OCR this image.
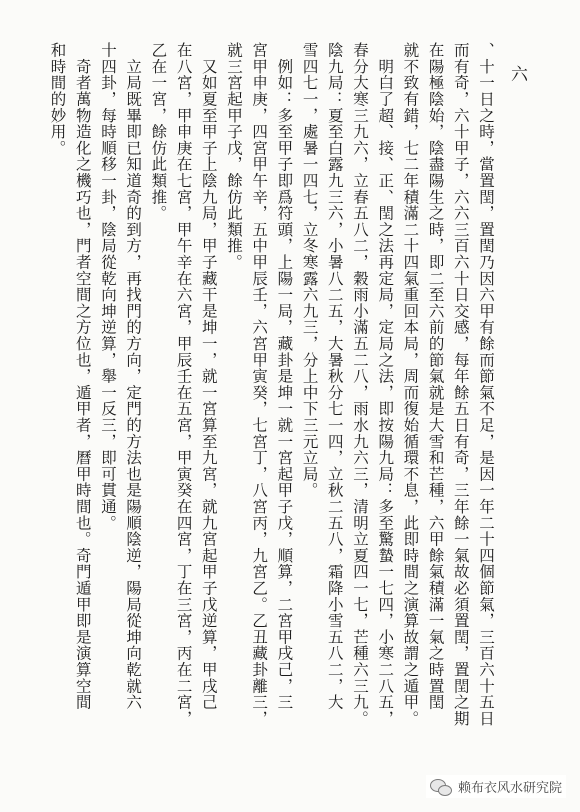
六
、十一日之時，當置閏，置閏乃因六甲有餘而節氣不足，是因一年二十四個節氣，三百六十五日
而有奇，六十甲子，六六三百六十日交感，每年餘五日有奇，三年餘一氣故必須置閏，置閏之期
在陽極陰始，陰盡陽生之時，即二至六前的節氣就是大雪和芒種，六甲餘氣積滿一氣之時置閏
就不致有錯，七二年積滿二十四氣重回本局，周而復始循環不息，此即時間之演算故謂之遁甲。
　明白了超、接、正、閏之法再定局，定局之法，即按陽九局：多至驚蟄一七四，小寒二八五，
春分大寒三九六，立春五八二，穀雨小滿五二八，雨水九六三，清明立夏四一七，芒種六三九。
陰九局：夏至白露九三六，小暑八二五，大暑秋分七一四，立秋二五八，霜降小雪五八二，大
雪四七一，處暑一四七，立冬寒露六九三，分上中下三元立局。
　例如：多至甲子即爲符頭，上陽一局，藏卦是坤一就一宮起甲子戊，順算，二宮甲戌己，三
宮甲申庚，四宮甲午辛，五中甲辰壬，六宮甲寅癸，七宮丁，八宮丙，九宮乙。乙丑藏卦離三，
就三宮起甲子戊，餘仿此類推。
　又如夏至甲子上陰九局，甲子藏干是坤一，就一宮算至九宮，就九宮起甲子戊逆算，甲戌己
在八宮，甲申庚在七宮，甲午辛在六宮，甲辰壬在五宮，甲寅癸在四宮，丁在三宮，丙在二宮，
乙在一宮，餘仿此類推。
　立局既畢即已知道奇的到方，再找門的方向，定門的方法也是陽順陰逆，陽局從坤向乾就六
十四卦，每時順移一卦，陰局從乾向坤逆算，舉一反三，即可貫通。
　奇者萬物造化之機巧也，門者空間之方位也，遁甲者，曆甲時間也。奇門遁甲即是演算空間
和時間的妙用。
赖布衣风水研究院
